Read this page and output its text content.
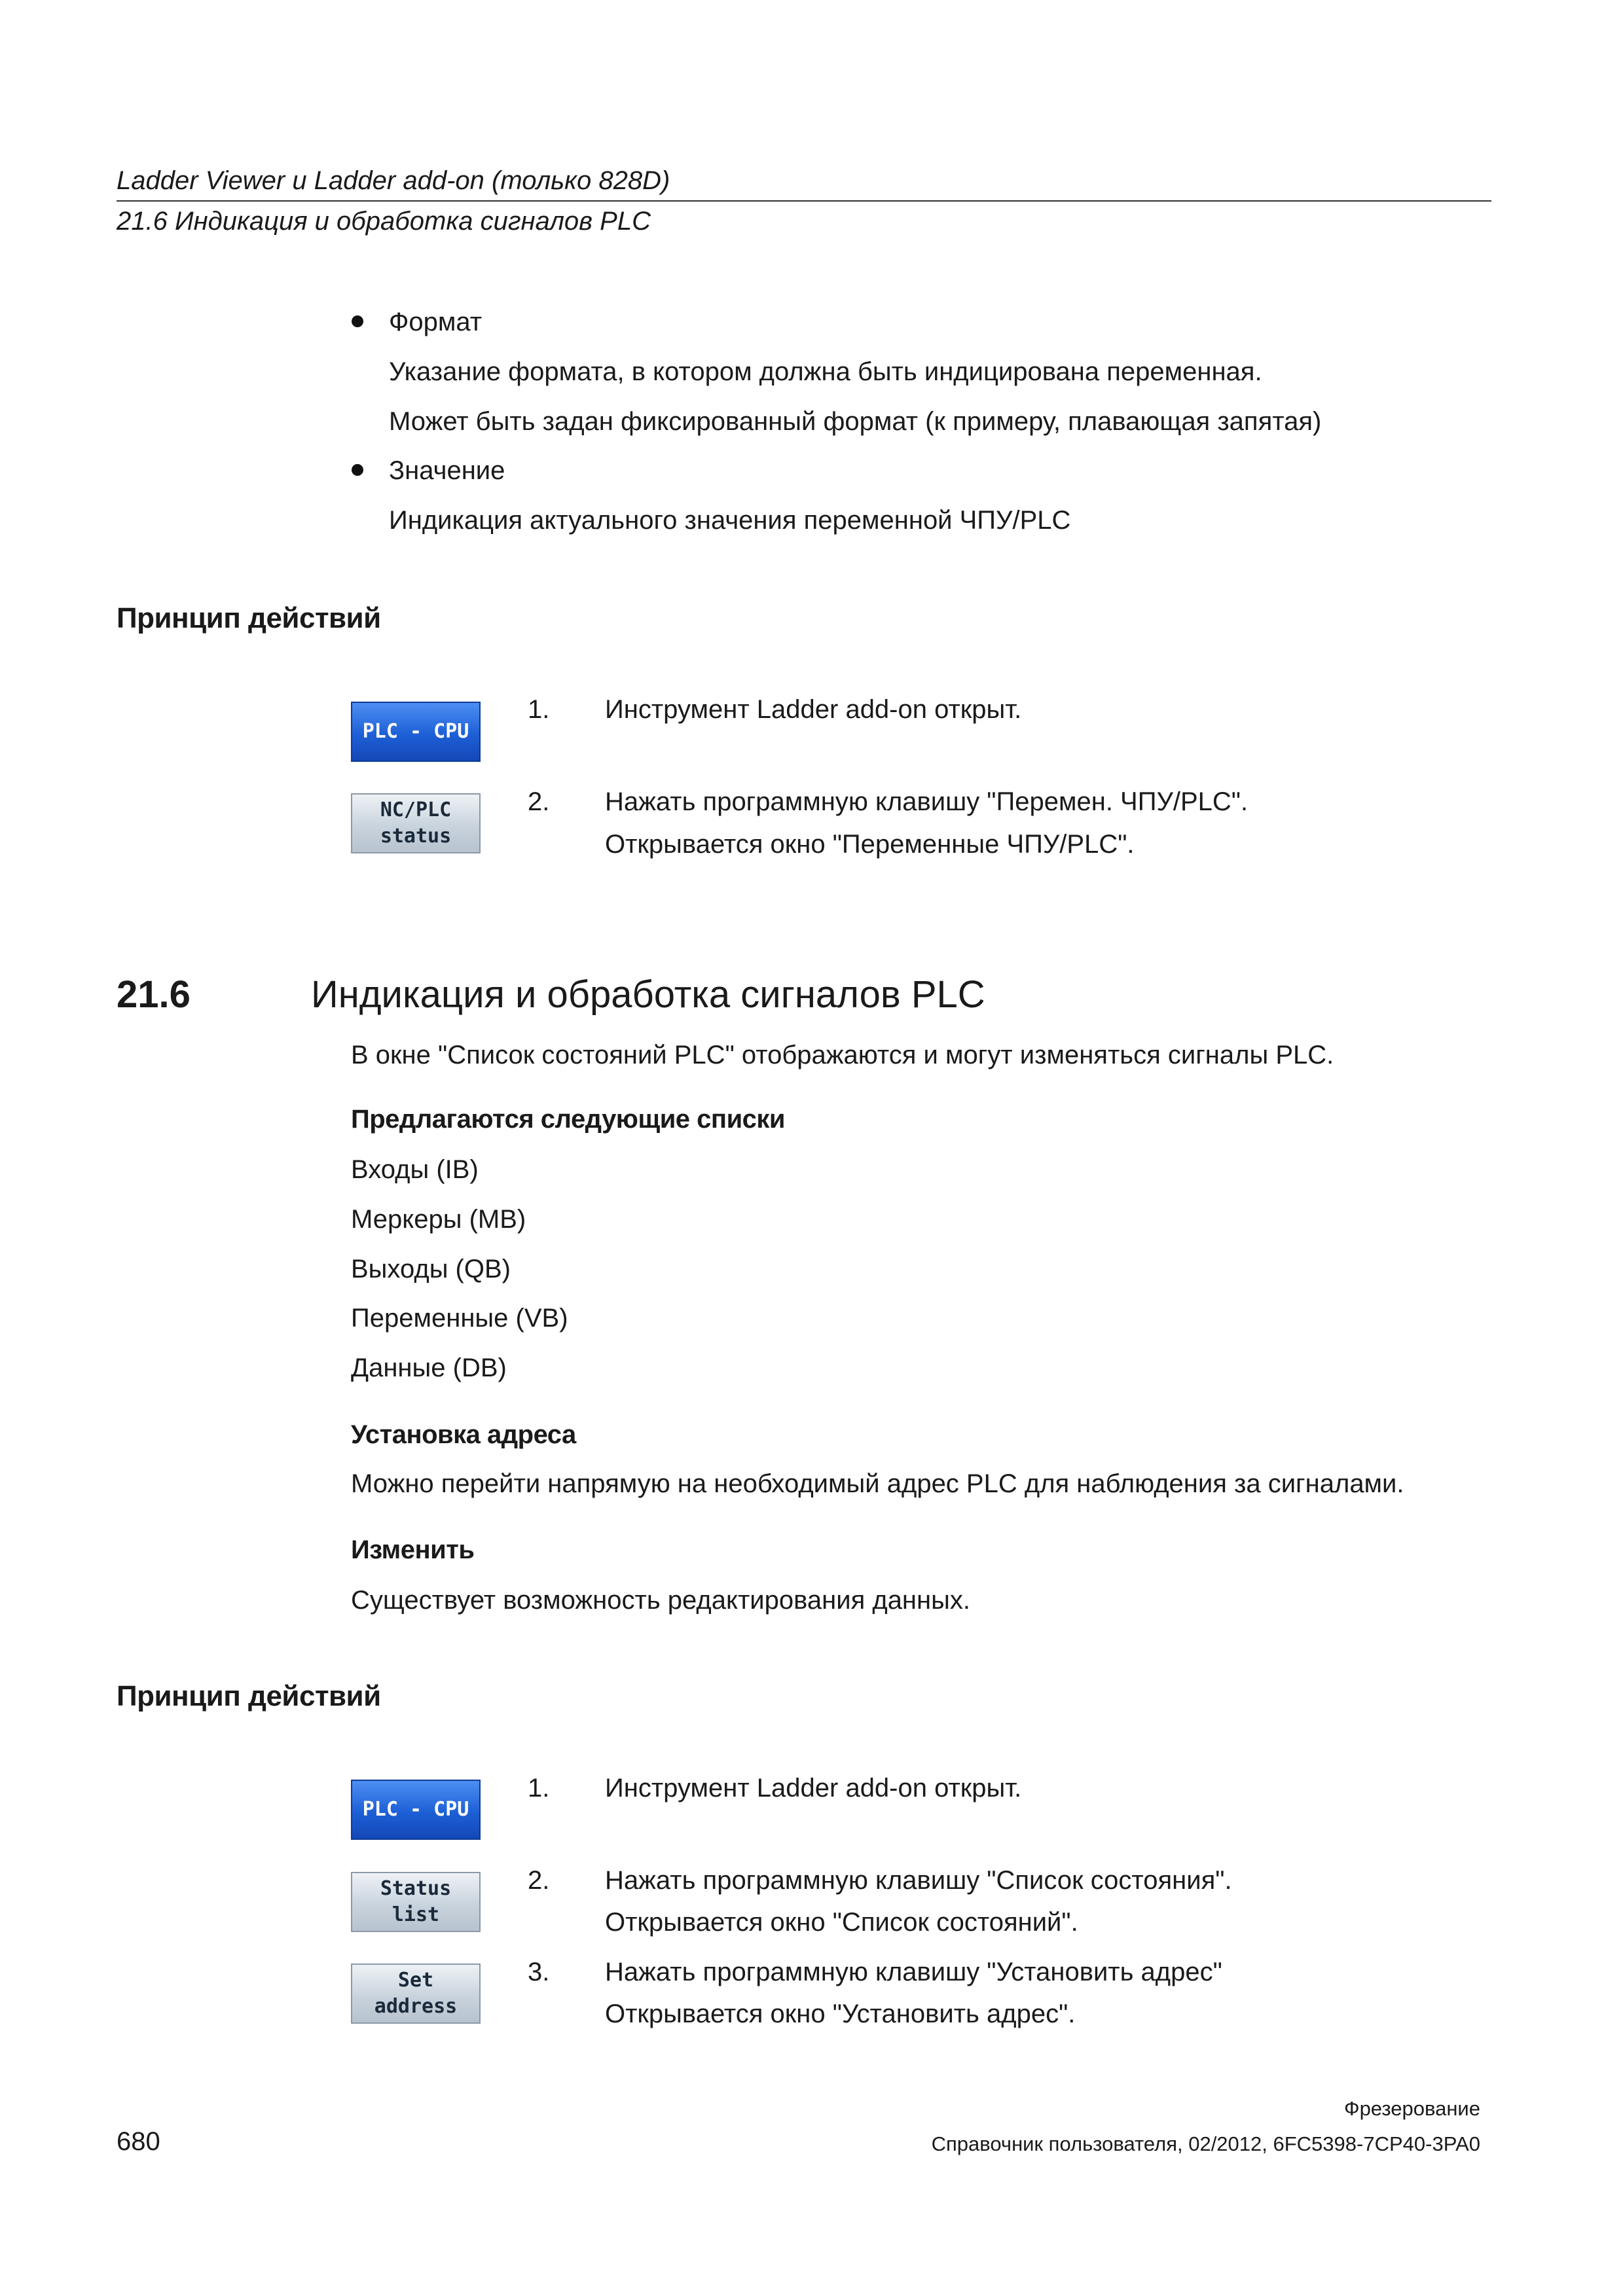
Ladder Viewer и Ladder add-on (только 828D)
21.6 Индикация и обработка сигналов PLC
Формат
Указание формата, в котором должна быть индицирована переменная.
Может быть задан фиксированный формат (к примеру, плавающая запятая)
Значение
Индикация актуального значения переменной ЧПУ/PLC
Принцип действий
PLC - CPU
NC/PLC
status
1. Инструмент Ladder add-on открыт.
2. Нажать программную клавишу "Перемен. ЧПУ/PLC".
Открывается окно "Переменные ЧПУ/PLC".
21.6	Индикация и обработка сигналов PLC
В окне "Список состояний PLC" отображаются и могут изменяться сигналы PLC.
Предлагаются следующие списки
Входы (IB)
Меркеры (MB)
Выходы (QB)
Переменные (VB)
Данные (DB)
Установка адреса
Можно перейти напрямую на необходимый адрес PLC для наблюдения за сигналами.
Изменить
Существует возможность редактирования данных.
Принцип действий
PLC - CPU
Status
list
Set
address
1. Инструмент Ladder add-on открыт.
2. Нажать программную клавишу "Список состояния".
Открывается окно "Список состояний".
3. Нажать программную клавишу "Установить адрес"
Открывается окно "Установить адрес".
Фрезерование
680	Справочник пользователя, 02/2012, 6FC5398-7CP40-3PA0
